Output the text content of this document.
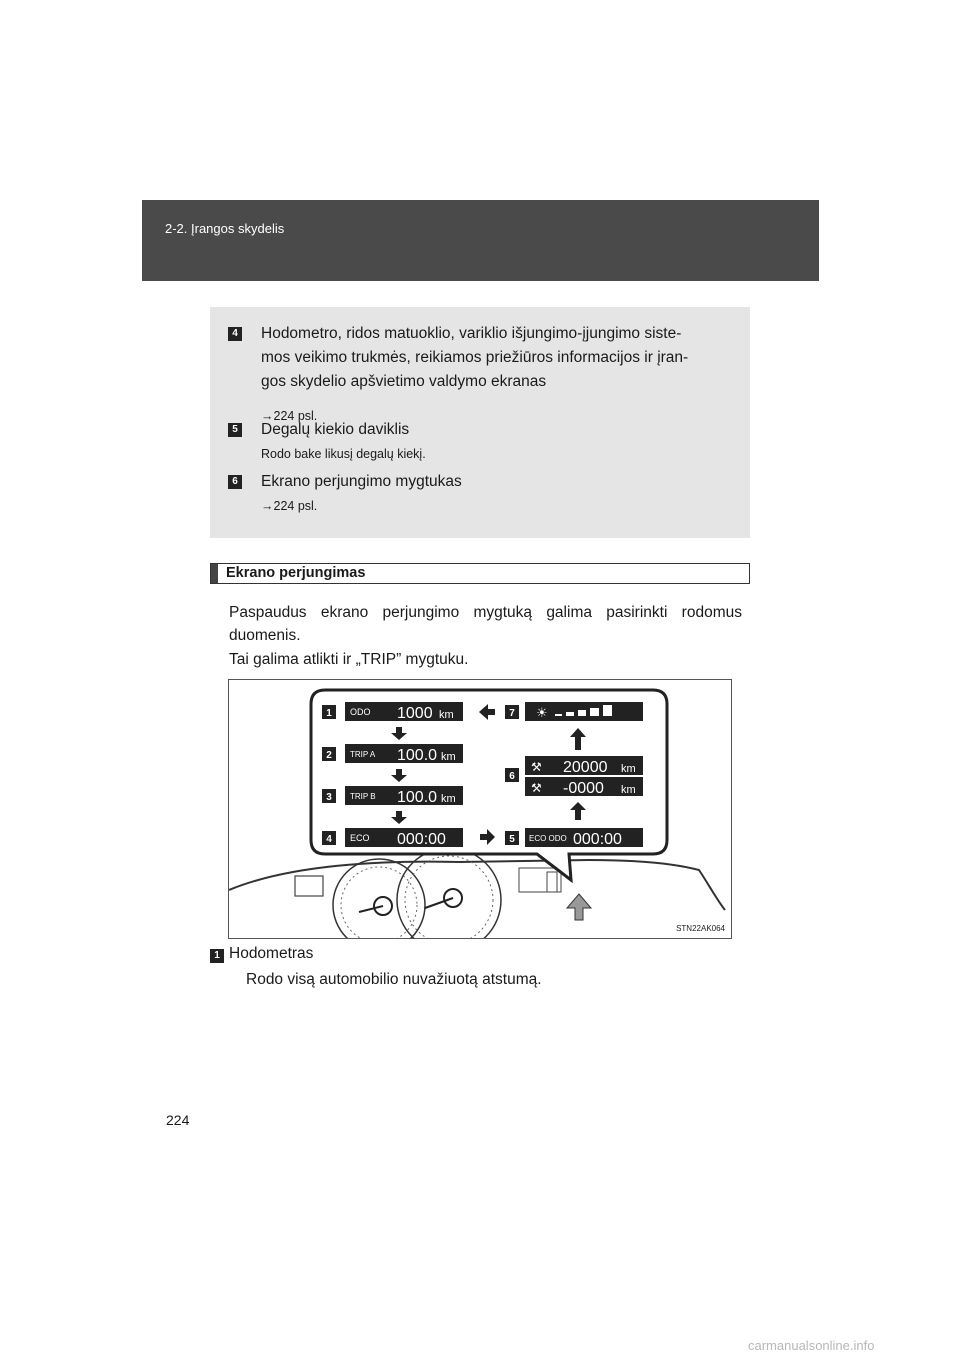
2-2. Įrangos skydelis
4 Hodometro, ridos matuoklio, variklio išjungimo-įjungimo siste-
mos veikimo trukmės, reikiamos priežiūros informacijos ir įran-
gos skydelio apšvietimo valdymo ekranas
→224 psl.
5 Degalų kiekio daviklis
Rodo bake likusį degalų kiekį.
6 Ekrano perjungimo mygtukas
→224 psl.
Ekrano perjungimas
Paspaudus ekrano perjungimo mygtuką galima pasirinkti rodomus duomenis.
Tai galima atlikti ir „TRIP” mygtuku.
1
2
3
4	5
6
7
ODO 1000 km
TRIP A 100.0 km
TRIP B 100.0 km
ECO 000:00	ECO ODO 000:00
⚒ 20000 km
⚒ -0000 km
☀
STN22AK064
1 Hodometras
Rodo visą automobilio nuvažiuotą atstumą.
224
carmanualsonline.info
